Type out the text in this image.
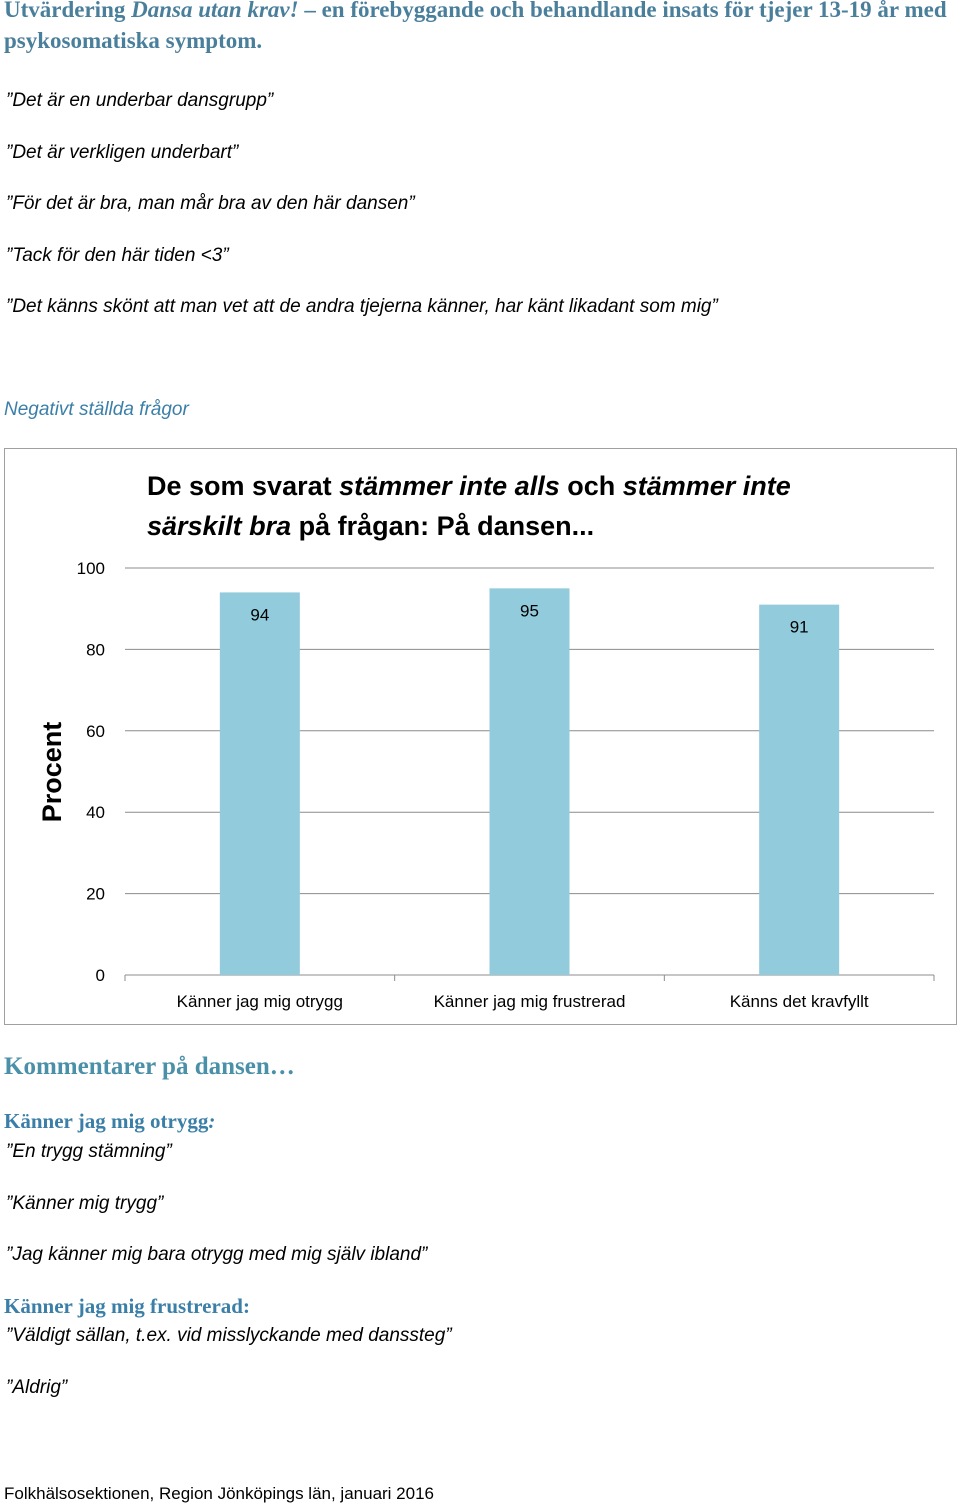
Utvärdering Dansa utan krav! – en förebyggande och behandlande insats för tjejer 13-19 år med psykosomatiska symptom.
”Det är en underbar dansgrupp”
”Det är verkligen underbart”
”För det är bra, man mår bra av den här dansen”
”Tack för den här tiden <3”
”Det känns skönt att man vet att de andra tjejerna känner, har känt likadant som mig”
Negativt ställda frågor
0
20
40
60
80
100
94
Känner jag mig otrygg
95
Känner jag mig frustrerad
91
Känns det kravfyllt
Procent
De som svarat stämmer inte alls och stämmer inte
särskilt bra på frågan: På dansen...
Kommentarer på dansen…
Känner jag mig otrygg:
”En trygg stämning”
”Känner mig trygg”
”Jag känner mig bara otrygg med mig själv ibland”
Känner jag mig frustrerad:
”Väldigt sällan, t.ex. vid misslyckande med danssteg”
”Aldrig”
Folkhälsosektionen, Region Jönköpings län, januari 2016
